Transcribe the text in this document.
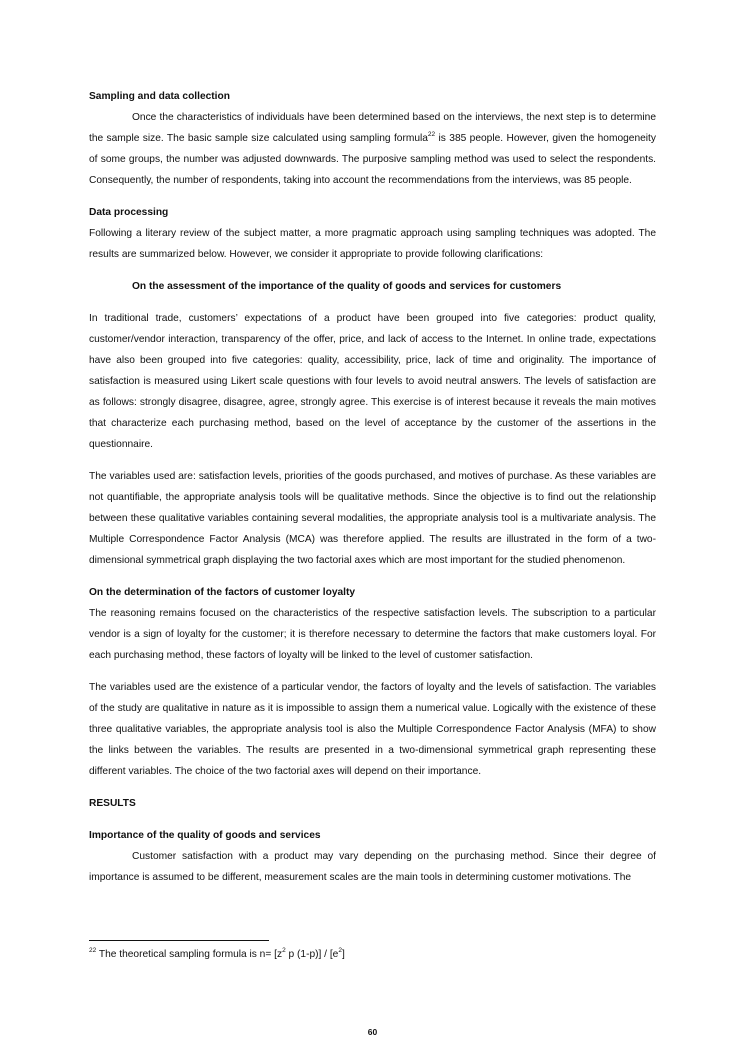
Sampling and data collection

Once the characteristics of individuals have been determined based on the interviews, the next step is to determine the sample size. The basic sample size calculated using sampling formula$^{22}$ is 385 people. However, given the homogeneity of some groups, the number was adjusted downwards. The purposive sampling method was used to select the respondents. Consequently, the number of respondents, taking into account the recommendations from the interviews, was 85 people.

Data processing

Following a literary review of the subject matter, a more pragmatic approach using sampling techniques was adopted. The results are summarized below. However, we consider it appropriate to provide following clarifications:

On the assessment of the importance of the quality of goods and services for customers

In traditional trade, customers’ expectations of a product have been grouped into five categories: product quality, customer/vendor interaction, transparency of the offer, price, and lack of access to the Internet. In online trade, expectations have also been grouped into five categories: quality, accessibility, price, lack of time and originality. The importance of satisfaction is measured using Likert scale questions with four levels to avoid neutral answers. The levels of satisfaction are as follows: strongly disagree, disagree, agree, strongly agree. This exercise is of interest because it reveals the main motives that characterize each purchasing method, based on the level of acceptance by the customer of the assertions in the questionnaire.

The variables used are: satisfaction levels, priorities of the goods purchased, and motives of purchase. As these variables are not quantifiable, the appropriate analysis tools will be qualitative methods. Since the objective is to find out the relationship between these qualitative variables containing several modalities, the appropriate analysis tool is a multivariate analysis. The Multiple Correspondence Factor Analysis (MCA) was therefore applied. The results are illustrated in the form of a two-dimensional symmetrical graph displaying the two factorial axes which are most important for the studied phenomenon.

On the determination of the factors of customer loyalty

The reasoning remains focused on the characteristics of the respective satisfaction levels. The subscription to a particular vendor is a sign of loyalty for the customer; it is therefore necessary to determine the factors that make customers loyal. For each purchasing method, these factors of loyalty will be linked to the level of customer satisfaction.

The variables used are the existence of a particular vendor, the factors of loyalty and the levels of satisfaction. The variables of the study are qualitative in nature as it is impossible to assign them a numerical value. Logically with the existence of these three qualitative variables, the appropriate analysis tool is also the Multiple Correspondence Factor Analysis (MFA) to show the links between the variables. The results are presented in a two-dimensional symmetrical graph representing these different variables. The choice of the two factorial axes will depend on their importance.

RESULTS
Importance of the quality of goods and services

Customer satisfaction with a product may vary depending on the purchasing method. Since their degree of importance is assumed to be different, measurement scales are the main tools in determining customer motivations. The

$^{22}$ The theoretical sampling formula is $n= [z^2$ p $(1-p)] / [e^2]$
60
